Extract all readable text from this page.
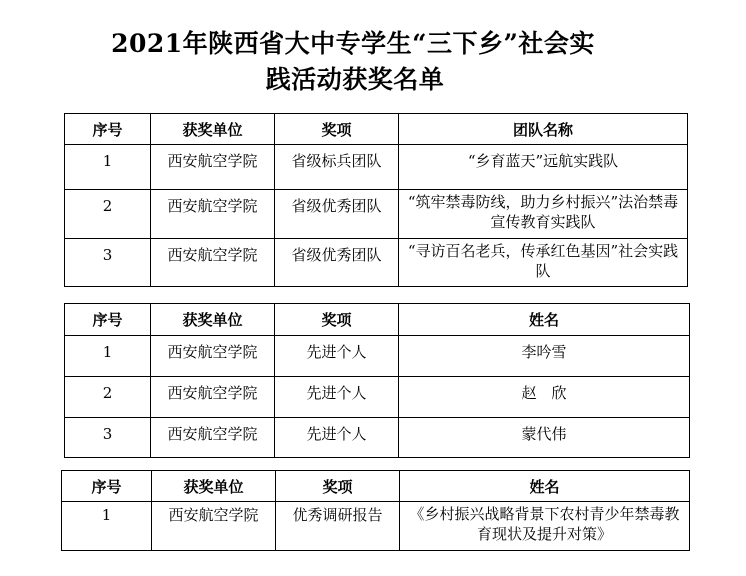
2021年陕西省大中专学生“三下乡”社会实
践活动获奖名单
序号	获奖单位	奖项	团队名称
1	西安航空学院	省级标兵团队	“乡育蓝天”远航实践队
2	西安航空学院	省级优秀团队	“筑牢禁毒防线，助力乡村振兴”法治禁毒宣传教育实践队
3	西安航空学院	省级优秀团队	“寻访百名老兵，传承红色基因”社会实践队
序号	获奖单位	奖项	姓名
1	西安航空学院	先进个人	李吟雪
2	西安航空学院	先进个人	赵　欣
3	西安航空学院	先进个人	蒙代伟
序号	获奖单位	奖项	姓名
1	西安航空学院	优秀调研报告	《乡村振兴战略背景下农村青少年禁毒教育现状及提升对策》
